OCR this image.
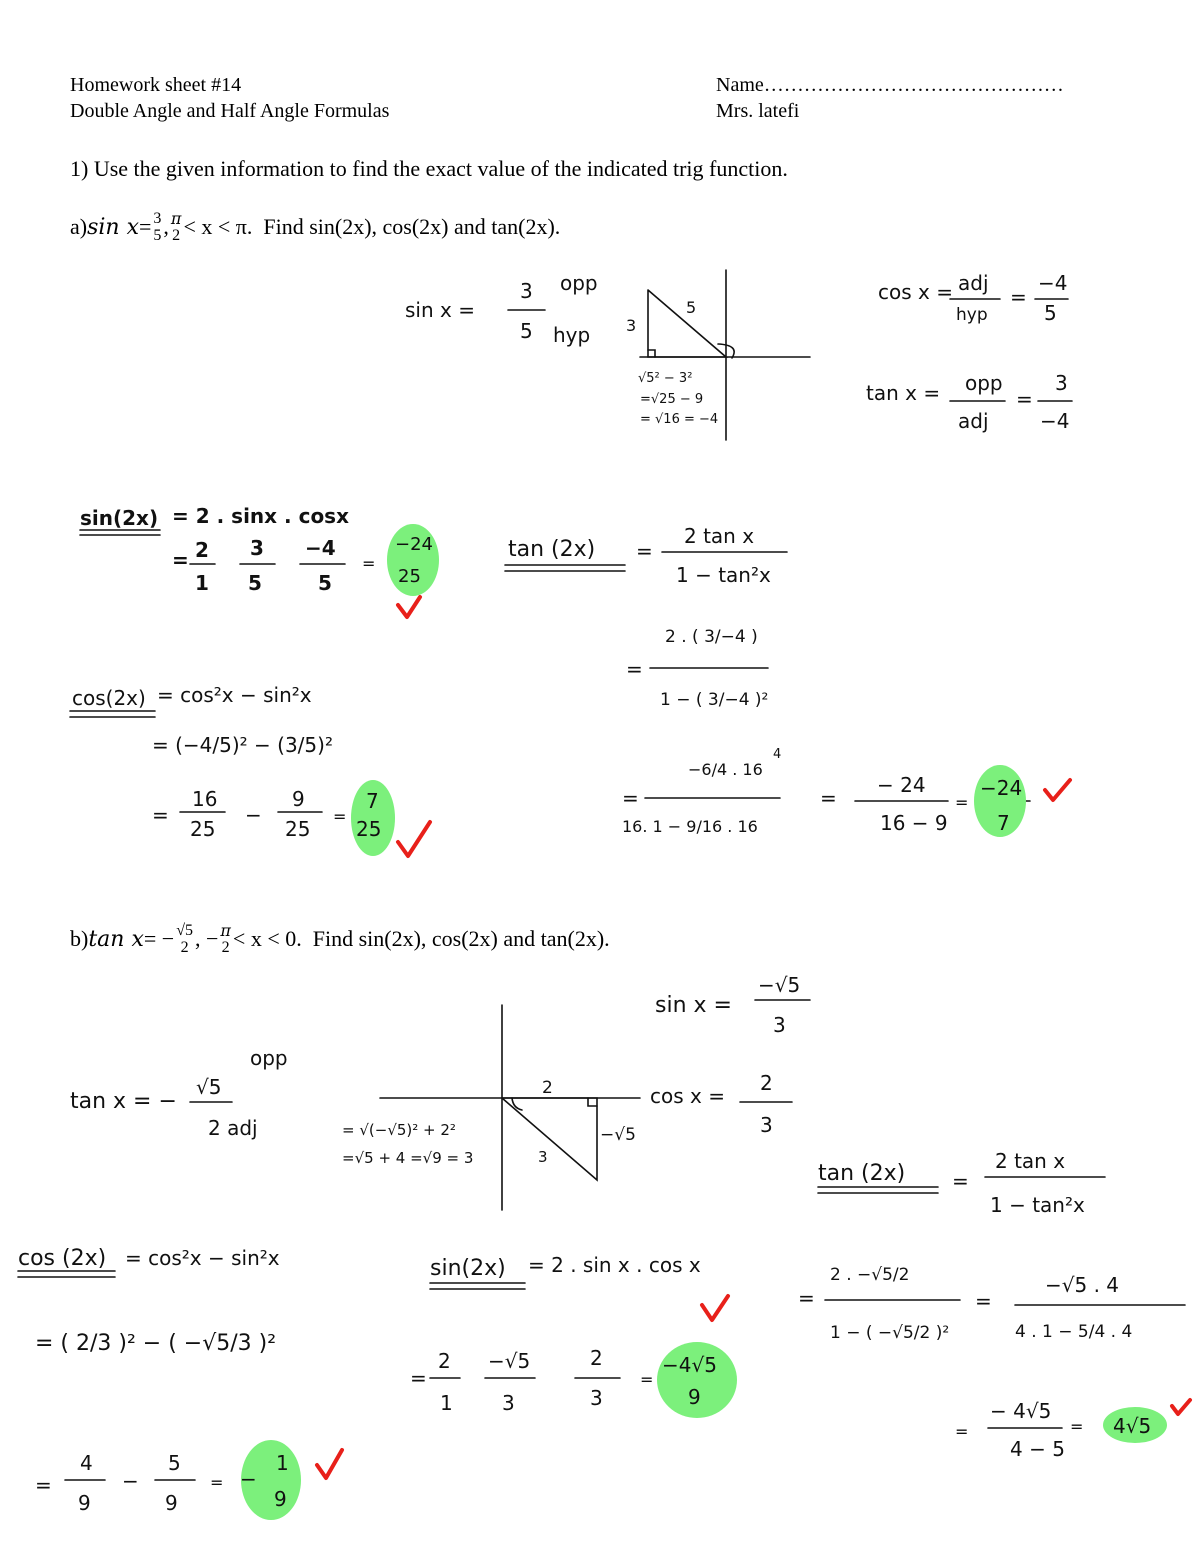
Homework sheet #14
Double Angle and Half Angle Formulas
Name………………………………………
Mrs. latefi
1) Use the given information to find the exact value of the indicated trig function.
a) sin x = 3
5 , π
2 < x < π. Find sin(2x), cos(2x) and tan(2x).
b) tan x = − √5
2 , − π
2 < x < 0. Find sin(2x), cos(2x) and tan(2x).
sin x =
3
5
opp
hyp 3
5
√5² − 3²
=√25 − 9
= √16 = −4
cos x = adj
hyp
=
−4
5
tan x = opp
adj
=
3
−4
sin(2x) = 2 . sinx . cosx
= 2
1
3
5
−4
5
=
−24
25
tan (2x) =
2 tan x
1 − tan²x
=
2 . ( 3/−4 )
1 − ( 3/−4 )²
=
−6/4 . 16
4
16. 1 − 9/16 . 16
=
− 24
16 − 9
=
−24
7
cos(2x) = cos²x − sin²x
= (−4/5)² − (3/5)²
=
16
25
−
9
25
=
7
25
sin x =
−√5
3
cos x =
2
3
tan x = −
√5
2 adj
opp
2
−√5
3
= √(−√5)² + 2²
=√5 + 4 =√9 = 3
tan (2x) =
2 tan x
1 − tan²x
=
2 . −√5/2
1 − ( −√5/2 )²
=
−√5 . 4
4 . 1 − 5/4 . 4
=
− 4√5
4 − 5
= 4√5
cos (2x) = cos²x − sin²x
= ( 2/3 )² − ( −√5/3 )²
=
4
9
−
5
9
= −
1
9
sin(2x) = 2 . sin x . cos x
=
2
1
−√5
3
2
3
=
−4√5
9
